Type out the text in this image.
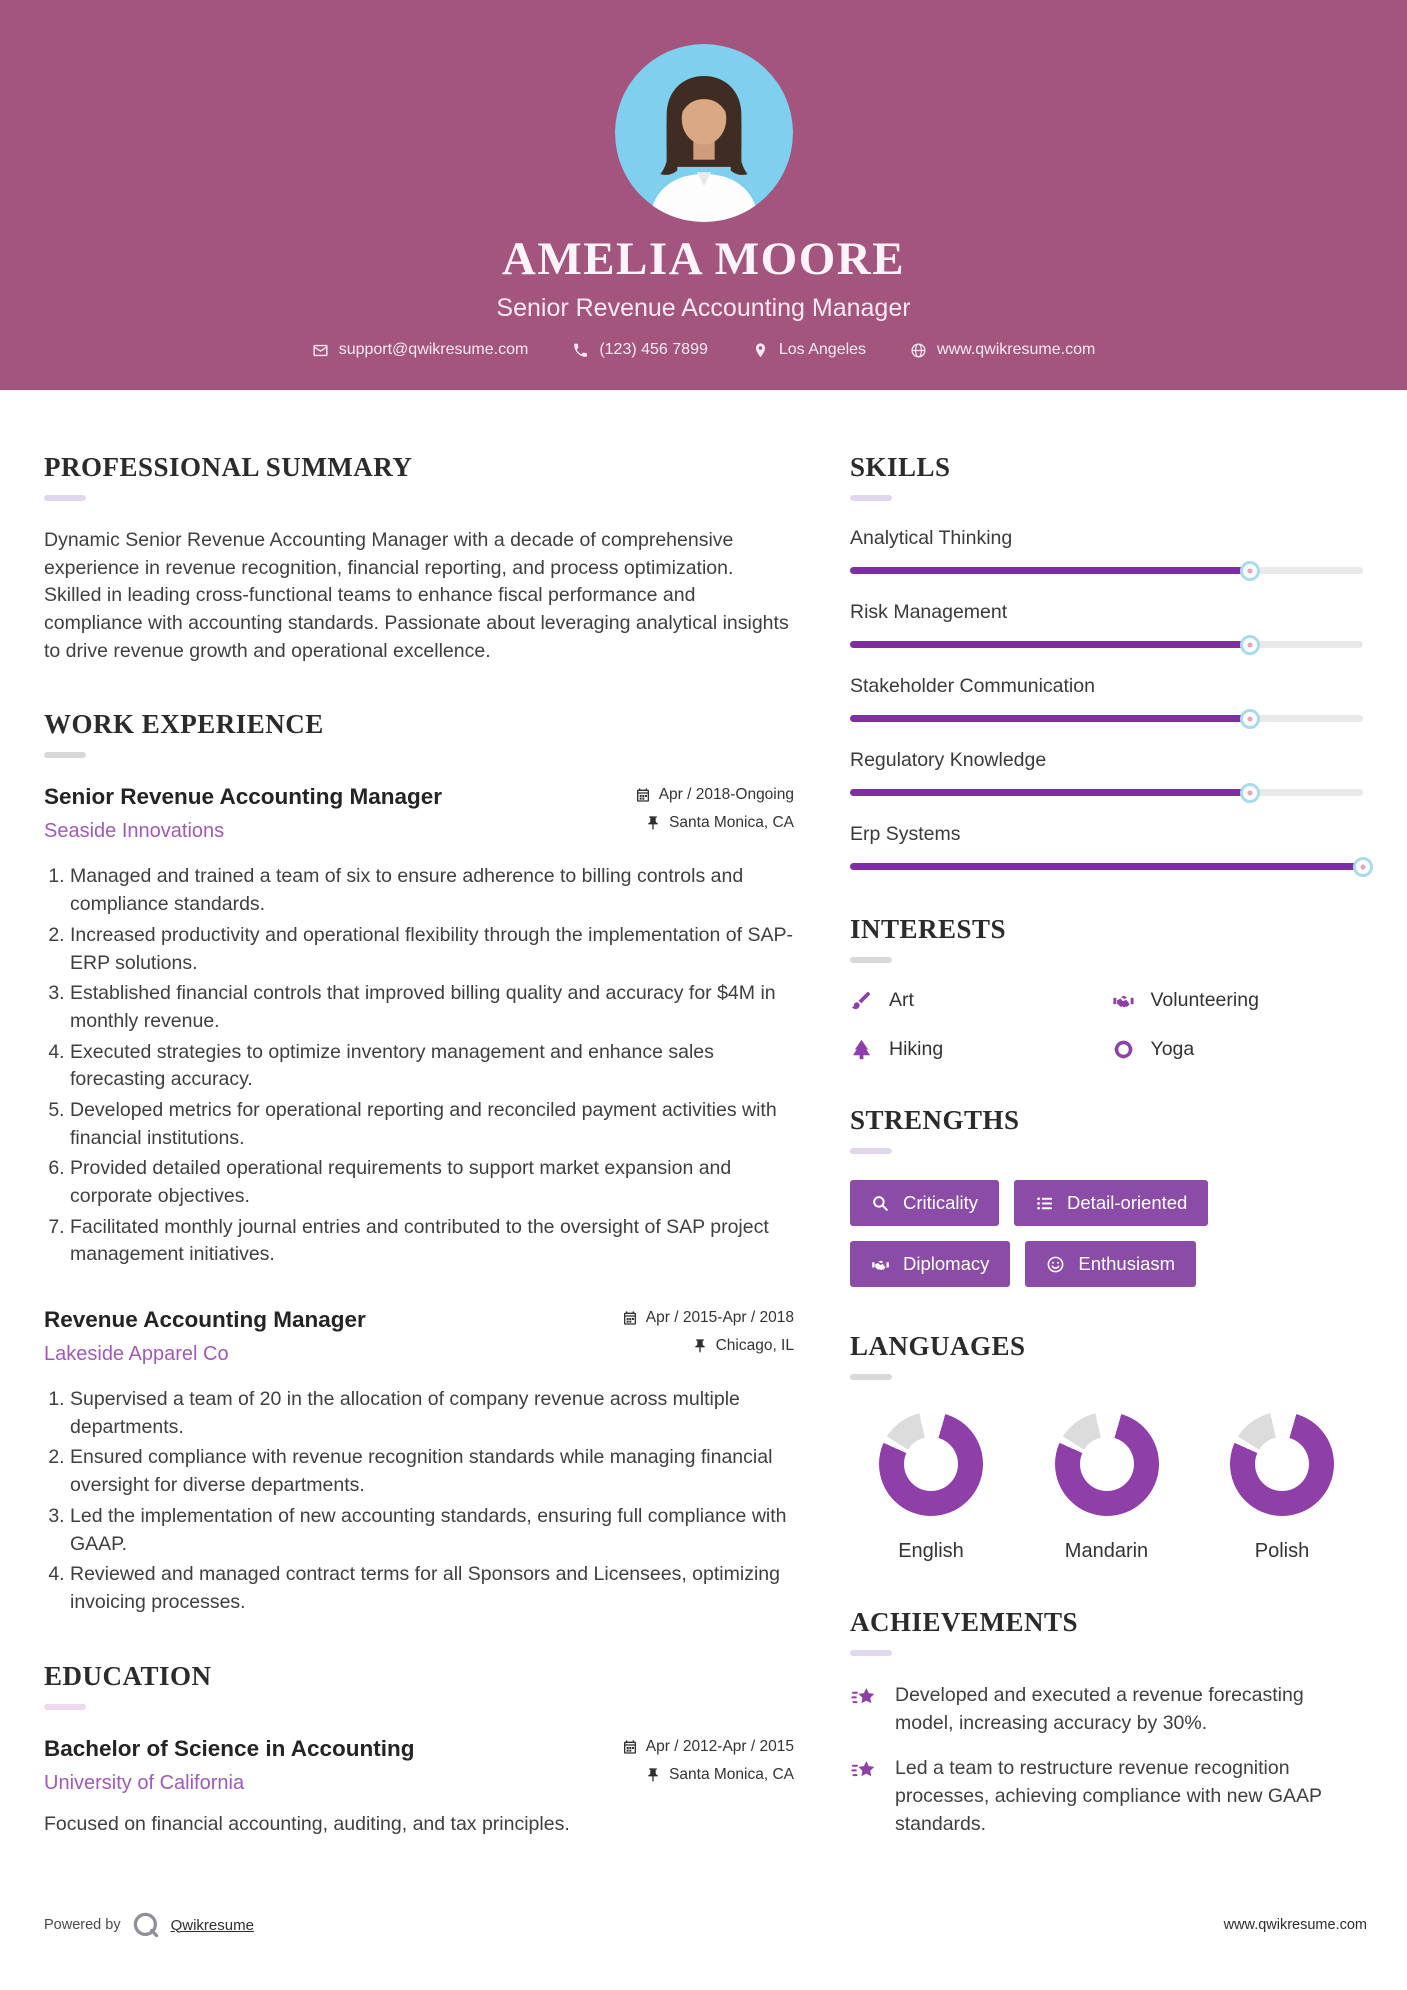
AMELIA MOORE
Senior Revenue Accounting Manager
support@qwikresume.com	(123) 456 7899	Los Angeles	www.qwikresume.com
PROFESSIONAL SUMMARY

Dynamic Senior Revenue Accounting Manager with a decade of comprehensive experience in revenue recognition, financial reporting, and process optimization. Skilled in leading cross-functional teams to enhance fiscal performance and compliance with accounting standards. Passionate about leveraging analytical insights to drive revenue growth and operational excellence.

WORK EXPERIENCE
Senior Revenue Accounting Manager
Seaside Innovations
Apr / 2018-Ongoing
Santa Monica, CA
1. Managed and trained a team of six to ensure adherence to billing controls and compliance standards.
2. Increased productivity and operational flexibility through the implementation of SAP-ERP solutions.
3. Established financial controls that improved billing quality and accuracy for $4M in monthly revenue.
4. Executed strategies to optimize inventory management and enhance sales forecasting accuracy.
5. Developed metrics for operational reporting and reconciled payment activities with financial institutions.
6. Provided detailed operational requirements to support market expansion and corporate objectives.
7. Facilitated monthly journal entries and contributed to the oversight of SAP project management initiatives.
Revenue Accounting Manager
Lakeside Apparel Co
Apr / 2015-Apr / 2018
Chicago, IL
1. Supervised a team of 20 in the allocation of company revenue across multiple departments.
2. Ensured compliance with revenue recognition standards while managing financial oversight for diverse departments.
3. Led the implementation of new accounting standards, ensuring full compliance with GAAP.
4. Reviewed and managed contract terms for all Sponsors and Licensees, optimizing invoicing processes.
EDUCATION
Bachelor of Science in Accounting
University of California
Apr / 2012-Apr / 2015
Santa Monica, CA

Focused on financial accounting, auditing, and tax principles.

SKILLS
Analytical Thinking
Risk Management
Stakeholder Communication
Regulatory Knowledge
Erp Systems
INTERESTS
Art	Volunteering
Hiking	Yoga
STRENGTHS
Criticality	Detail-oriented
Diplomacy	Enthusiasm
LANGUAGES
English	Mandarin	Polish
ACHIEVEMENTS

Developed and executed a revenue forecasting model, increasing accuracy by 30%.

Led a team to restructure revenue recognition processes, achieving compliance with new GAAP standards.

Powered by	Qwikresume	www.qwikresume.com
